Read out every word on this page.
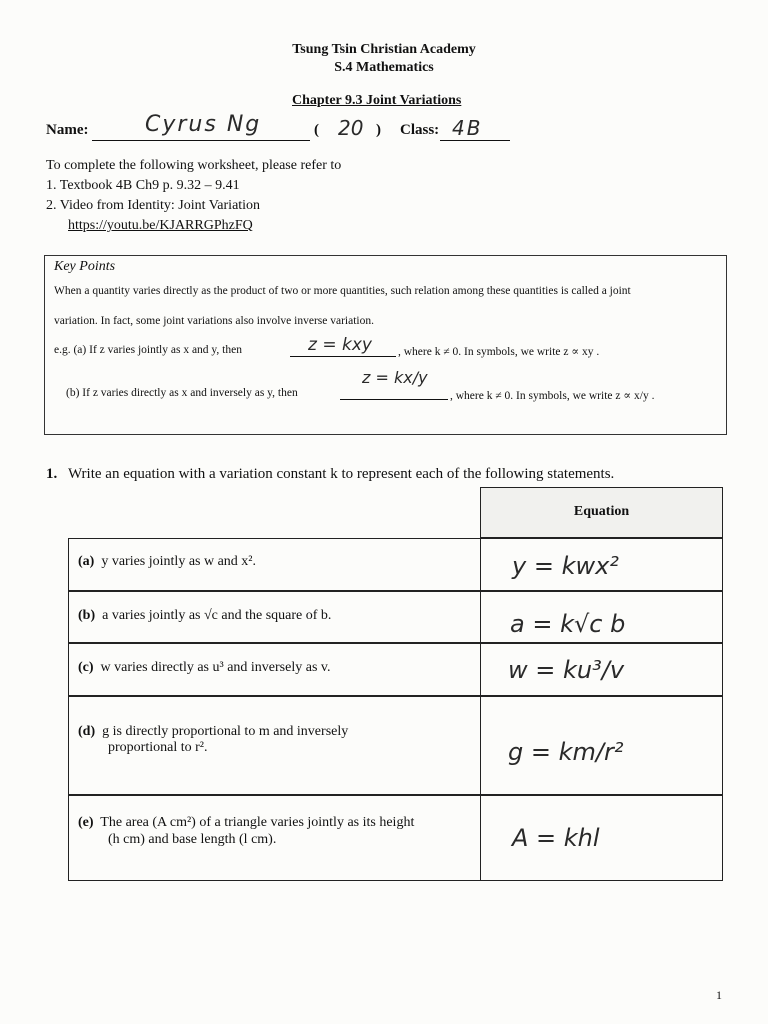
Tsung Tsin Christian Academy
S.4 Mathematics
Chapter 9.3 Joint Variations
Name:	Cyrus Ng	( 20 ) Class: 4B
To complete the following worksheet, please refer to
1. Textbook 4B Ch9 p. 9.32 – 9.41
2. Video from Identity: Joint Variation
https://youtu.be/KJARRGPhzFQ
Key Points
When a quantity varies directly as the product of two or more quantities, such relation among these quantities is called a joint
variation. In fact, some joint variations also involve inverse variation.
e.g. (a) If z varies jointly as x and y, then	z = kxy , where k ≠ 0. In symbols, we write z ∝ xy .
(b) If z varies directly as x and inversely as y, then
z = kx/y
, where k ≠ 0. In symbols, we write z ∝ x/y .
1. Write an equation with a variation constant k to represent each of the following statements.
Equation
(a) y varies jointly as w and x².	y = kwx²
(b) a varies jointly as √c and the square of b.	a = k√c b
(c) w varies directly as u³ and inversely as v.	w = ku³/v
(d) g is directly proportional to m and inversely
proportional to r².	g = km/r²
(e) The area (A cm²) of a triangle varies jointly as its height
(h cm) and base length (l cm).	A = khl
1
